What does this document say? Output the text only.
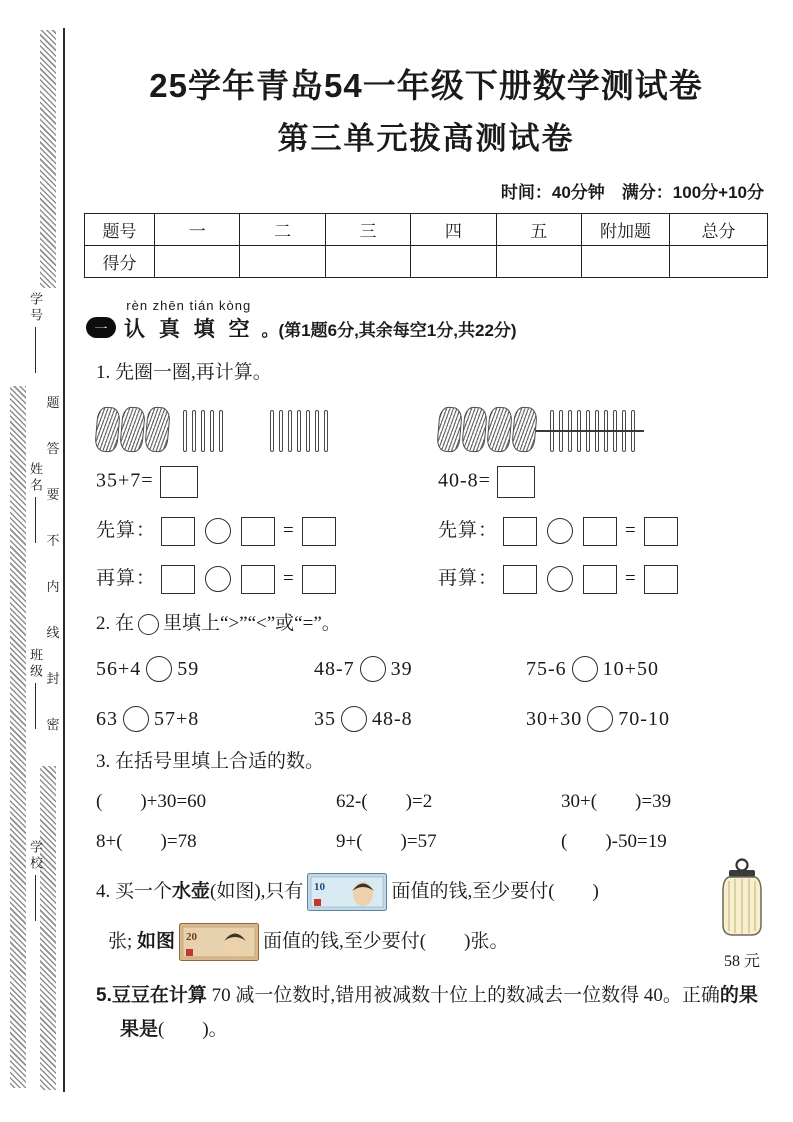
学号
姓名
班级
学校
题
答
要
不
内
线
封
密
25学年青岛54一年级下册数学测试卷
第三单元拔高测试卷
时间：40分钟　满分：100分+10分
题号	一	二	三	四	五	附加题	总分
得分							
一
rèn zhēn tián kòng
认 真 填 空 。(第1题6分,其余每空1分,共22分)
1. 先圈一圈,再计算。
35+7=	40-8=
先算：	=	先算：	=
再算：	=	再算：	=
2. 在 里填上“>”“<”或“=”。
56+4 59	48-7 39	75-6 10+50
63 57+8	35 48-8	30+30 70-10
3. 在括号里填上合适的数。
(        )+30=60	62-(        )=2	30+(        )=39
8+(        )=78	9+(        )=57	(        )-50=19
4. 买一个 水壶 (如图),只有 10	面值的钱,至少要付(        )
张; 如图 20	面值的钱,至少要付(        )张。
58 元
5.豆豆在计算 70 减一位数时,错用被减数十位上的数减去一位数得 40。正确的果果是(        )。
